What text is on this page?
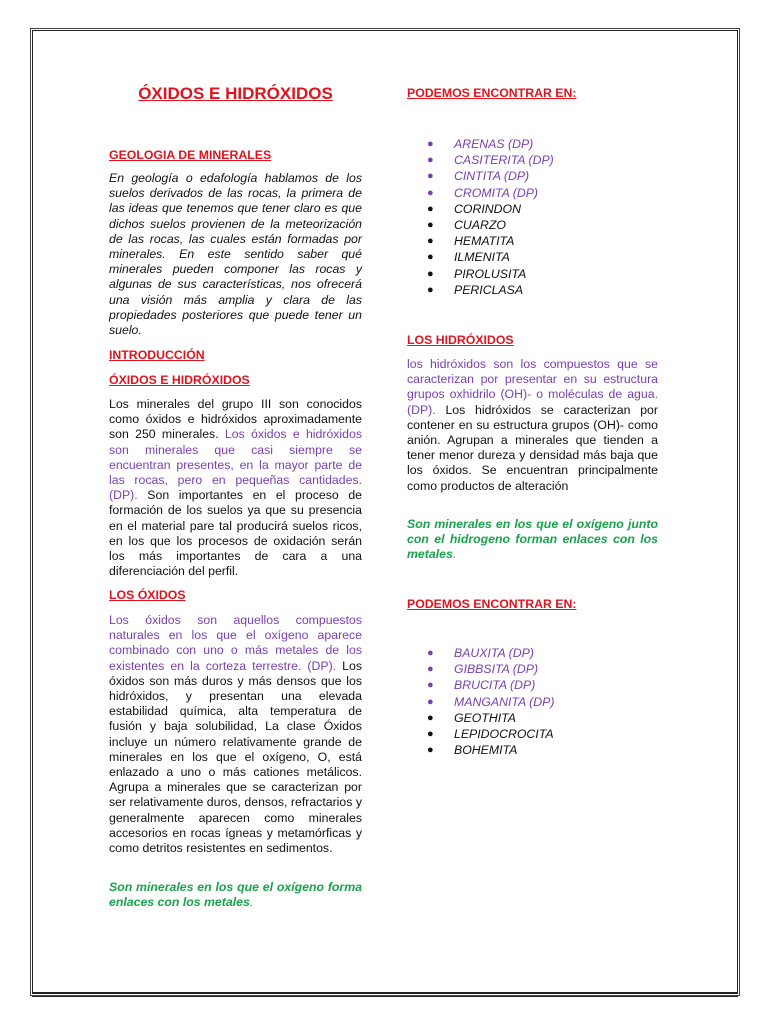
ÓXIDOS E HIDRÓXIDOS

GEOLOGIA DE MINERALES

En geología o edafología hablamos de los suelos derivados de las rocas, la primera de las ideas que tenemos que tener claro es que dichos suelos provienen de la meteorización de las rocas, las cuales están formadas por minerales. En este sentido saber qué minerales pueden componer las rocas y algunas de sus características, nos ofrecerá una visión más amplia y clara de las propiedades posteriores que puede tener un suelo.

INTRODUCCIÓN

ÓXIDOS E HIDRÓXIDOS

Los minerales del grupo III son conocidos como óxidos e hidróxidos aproximadamente son 250 minerales. Los óxidos e hidróxidos son minerales que casi siempre se encuentran presentes, en la mayor parte de las rocas, pero en pequeñas cantidades. (DP). Son importantes en el proceso de formación de los suelos ya que su presencia en el material pare tal producirá suelos ricos, en los que los procesos de oxidación serán los más importantes de cara a una diferenciación del perfil.

LOS ÓXIDOS

Los óxidos son aquellos compuestos naturales en los que el oxígeno aparece combinado con uno o más metales de los existentes en la corteza terrestre. (DP). Los óxidos son más duros y más densos que los hidróxidos, y presentan una elevada estabilidad química, alta temperatura de fusión y baja solubilidad, La clase Óxidos incluye un número relativamente grande de minerales en los que el oxígeno, O, está enlazado a uno o más cationes metálicos. Agrupa a minerales que se caracterizan por ser relativamente duros, densos, refractarios y generalmente aparecen como minerales accesorios en rocas ígneas y metamórficas y como detritos resistentes en sedimentos.

Son minerales en los que el oxígeno forma enlaces con los metales.

PODEMOS ENCONTRAR EN:

● ARENAS (DP)
● CASITERITA (DP)
● CINTITA (DP)
● CROMITA (DP)
● CORINDON
● CUARZO
● HEMATITA
● ILMENITA
● PIROLUSITA
● PERICLASA

LOS HIDRÓXIDOS

los hidróxidos son los compuestos que se caracterizan por presentar en su estructura grupos oxhidrilo (OH)- o moléculas de agua. (DP). Los hidróxidos se caracterizan por contener en su estructura grupos (OH)- como anión. Agrupan a minerales que tienden a tener menor dureza y densidad más baja que los óxidos. Se encuentran principalmente como productos de alteración

Son minerales en los que el oxígeno junto con el hidrogeno forman enlaces con los metales.

PODEMOS ENCONTRAR EN:

● BAUXITA (DP)
● GIBBSITA (DP)
● BRUCITA (DP)
● MANGANITA (DP)
● GEOTHITA
● LEPIDOCROCITA
● BOHEMITA
